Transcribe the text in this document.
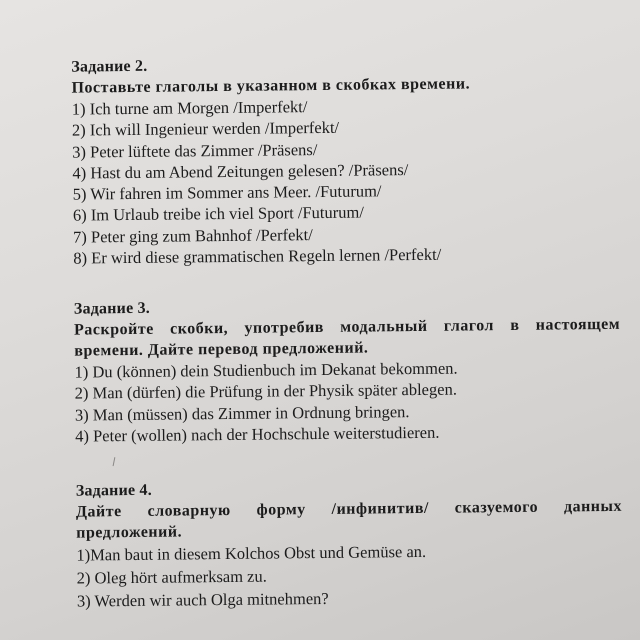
Задание 2.

Поставьте глаголы в указанном в скобках времени.

1) Ich turne am Morgen /Imperfekt/
2) Ich will Ingenieur werden /Imperfekt/
3) Peter lüftete das Zimmer /Präsens/
4) Hast du am Abend Zeitungen gelesen? /Präsens/
5) Wir fahren im Sommer ans Meer. /Futurum/
6) Im Urlaub treibe ich viel Sport /Futurum/
7) Peter ging zum Bahnhof /Perfekt/
8) Er wird diese grammatischen Regeln lernen /Perfekt/

Задание 3.

Раскройте скобки, употребив модальный глагол в настоящем времени. Дайте перевод предложений.

1) Du (können) dein Studienbuch im Dekanat bekommen.
2) Man (dürfen) die Prüfung in der Physik später ablegen.
3) Man (müssen) das Zimmer in Ordnung bringen.
4) Peter (wollen) nach der Hochschule weiterstudieren.

Задание 4.

Дайте словарную форму /инфинитив/ сказуемого данных предложений.

1)Man baut in diesem Kolchos Obst und Gemüse an.
2) Oleg hört aufmerksam zu.
3) Werden wir auch Olga mitnehmen?
